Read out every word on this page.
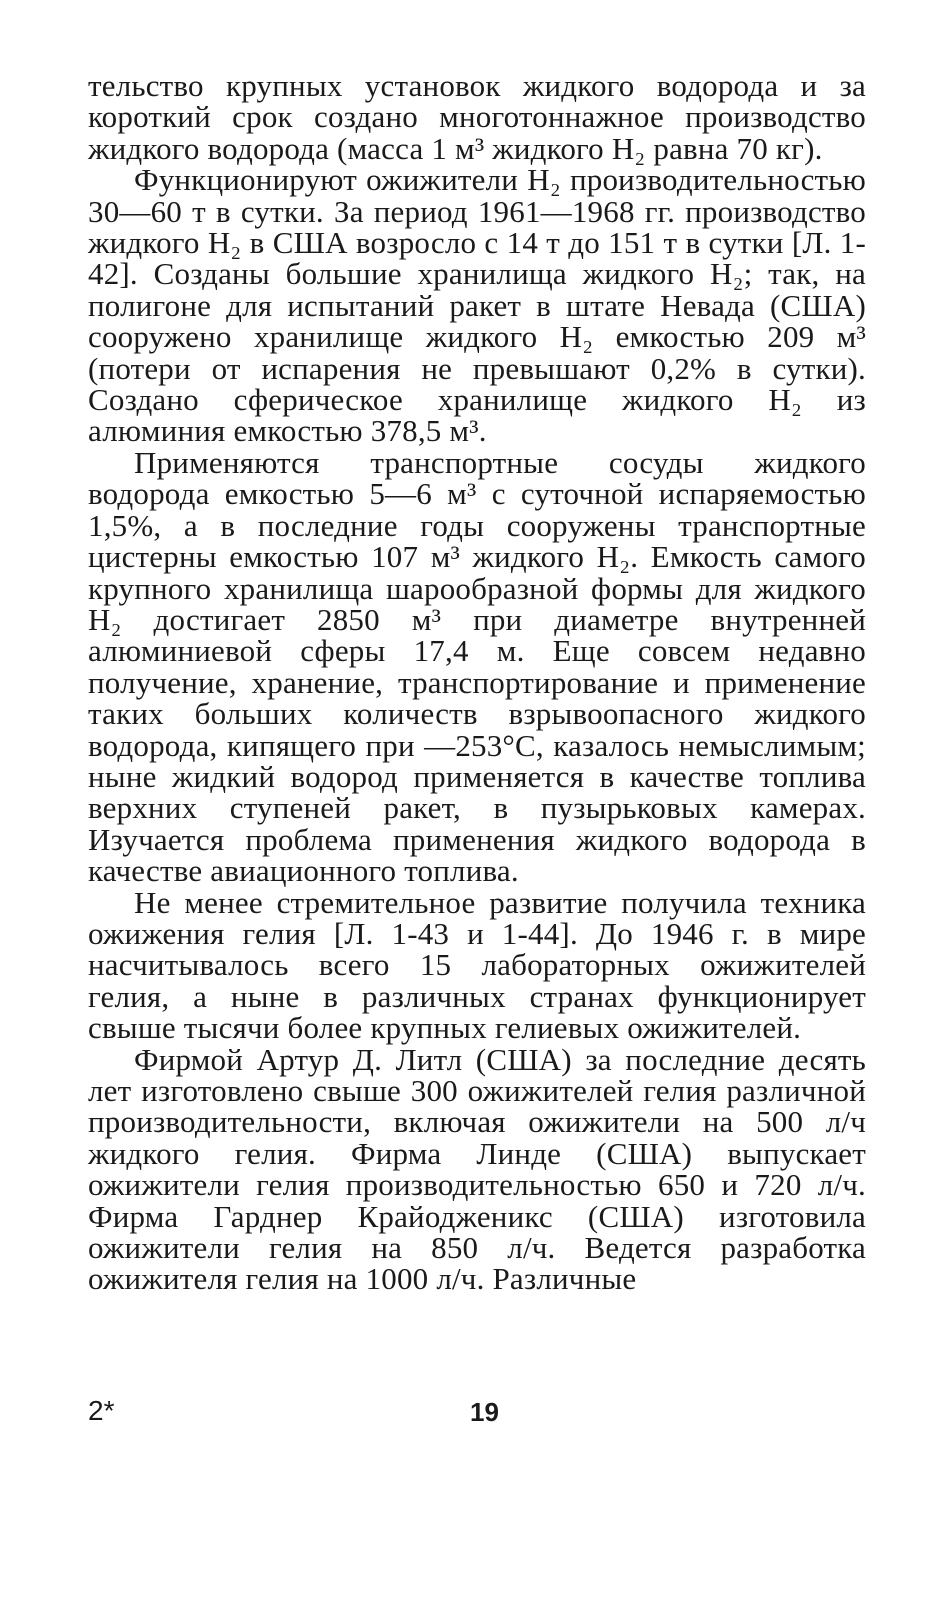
тельство крупных установок жидкого водорода и за короткий срок создано многотоннажное производство жидкого водорода (масса 1 м³ жидкого H₂ равна 70 кг).

Функционируют ожижители H₂ производительностью 30—60 т в сутки. За период 1961—1968 гг. производство жидкого H₂ в США возросло с 14 т до 151 т в сутки [Л. 1-42]. Созданы большие хранилища жидкого H₂; так, на полигоне для испытаний ракет в штате Невада (США) сооружено хранилище жидкого H₂ емкостью 209 м³ (потери от испарения не превышают 0,2% в сутки). Создано сферическое хранилище жидкого H₂ из алюминия емкостью 378,5 м³.

Применяются транспортные сосуды жидкого водорода емкостью 5—6 м³ с суточной испаряемостью 1,5%, а в последние годы сооружены транспортные цистерны емкостью 107 м³ жидкого H₂. Емкость самого крупного хранилища шарообразной формы для жидкого H₂ достигает 2850 м³ при диаметре внутренней алюминиевой сферы 17,4 м. Еще совсем недавно получение, хранение, транспортирование и применение таких больших количеств взрывоопасного жидкого водорода, кипящего при —253°С, казалось немыслимым; ныне жидкий водород применяется в качестве топлива верхних ступеней ракет, в пузырьковых камерах. Изучается проблема применения жидкого водорода в качестве авиационного топлива.

Не менее стремительное развитие получила техника ожижения гелия [Л. 1-43 и 1-44]. До 1946 г. в мире насчитывалось всего 15 лабораторных ожижителей гелия, а ныне в различных странах функционирует свыше тысячи более крупных гелиевых ожижителей.

Фирмой Артур Д. Литл (США) за последние десять лет изготовлено свыше 300 ожижителей гелия различной производительности, включая ожижители на 500 л/ч жидкого гелия. Фирма Линде (США) выпускает ожижители гелия производительностью 650 и 720 л/ч. Фирма Гарднер Крайодженикс (США) изготовила ожижители гелия на 850 л/ч. Ведется разработка ожижителя гелия на 1000 л/ч. Различные

2*	19
